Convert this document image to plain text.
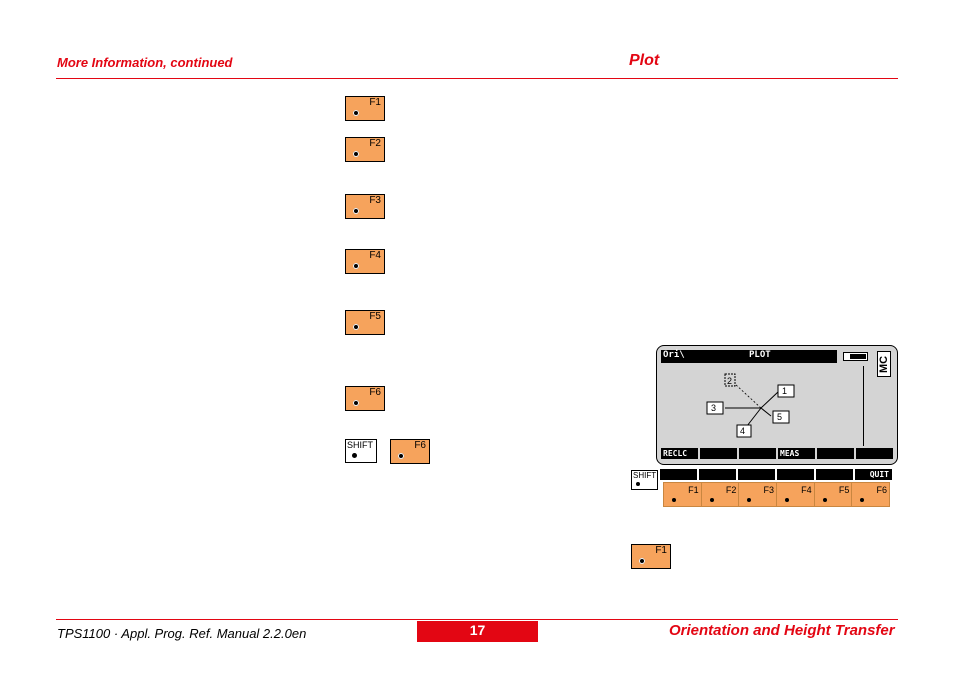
More Information, continued	Plot
F1
F2
F3
F4
F5
F6
SHIFT	F6
Ori\	PLOT
MC
2
1
3
5
4
RECLC	MEAS
QUIT
SHIFT
F1	F2	F3	F4	F5	F6
F1
TPS1100 · Appl. Prog. Ref. Manual 2.2.0en	17	Orientation and Height Transfer
